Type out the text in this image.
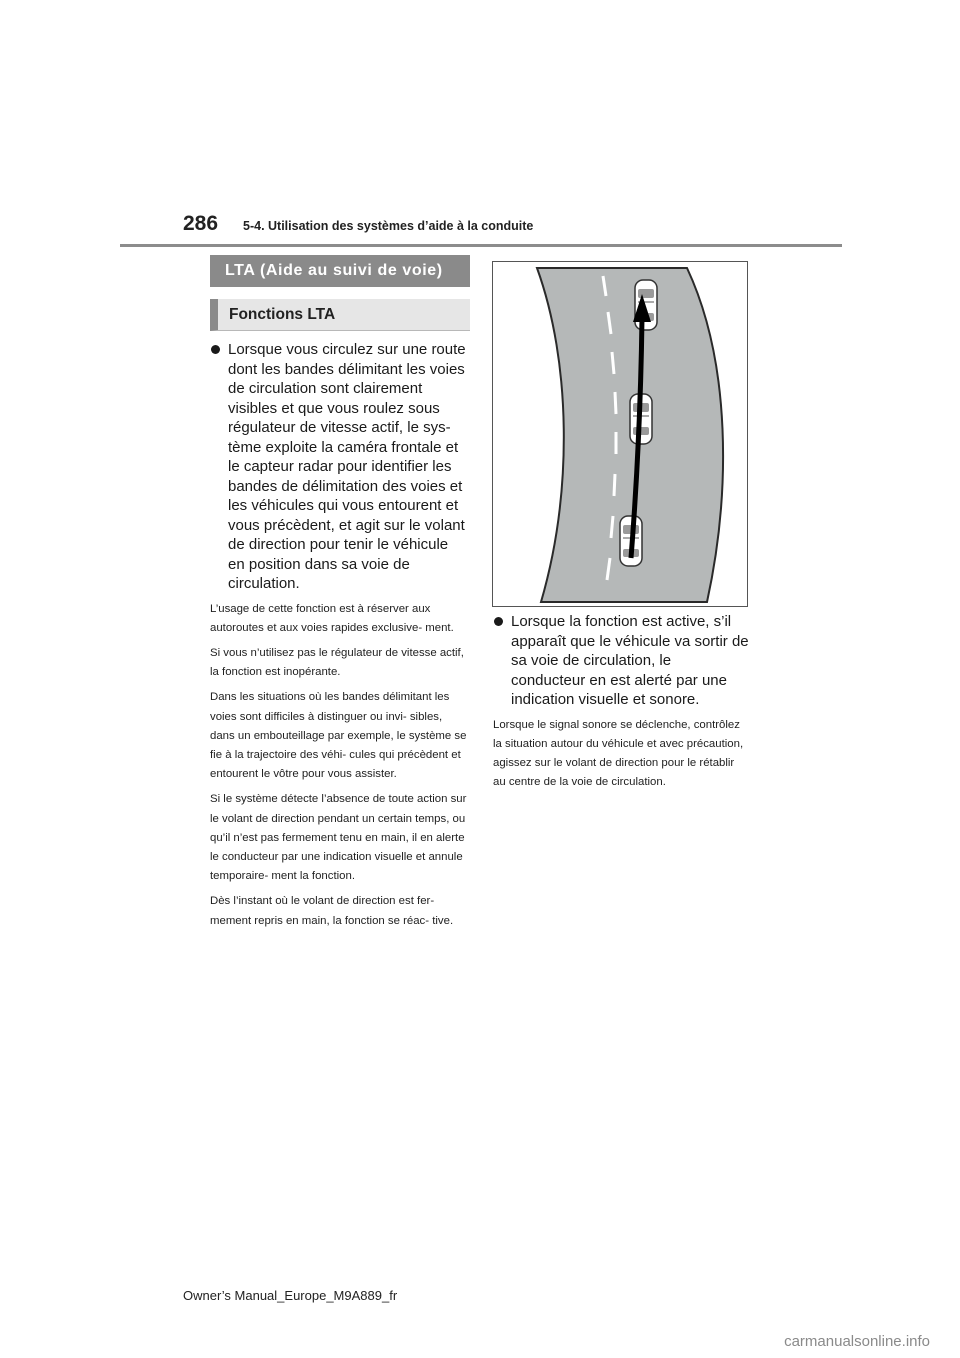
286 5-4. Utilisation des systèmes d’aide à la conduite
LTA (Aide au suivi de voie)
Fonctions LTA
Lorsque vous circulez sur une route dont les bandes délimitant les voies de circulation sont clairement visibles et que vous roulez sous régulateur de vitesse actif, le sys- tème exploite la caméra frontale et le capteur radar pour identifier les bandes de délimitation des voies et les véhicules qui vous entourent et vous précèdent, et agit sur le volant de direction pour tenir le véhicule en position dans sa voie de circulation.
L’usage de cette fonction est à réserver aux autoroutes et aux voies rapides exclusive- ment.
Si vous n’utilisez pas le régulateur de vitesse actif, la fonction est inopérante.
Dans les situations où les bandes délimitant les voies sont difficiles à distinguer ou invi- sibles, dans un embouteillage par exemple, le système se fie à la trajectoire des véhi- cules qui précèdent et entourent le vôtre pour vous assister.
Si le système détecte l’absence de toute action sur le volant de direction pendant un certain temps, ou qu’il n’est pas fermement tenu en main, il en alerte le conducteur par une indication visuelle et annule temporaire- ment la fonction.
Dès l’instant où le volant de direction est fer- mement repris en main, la fonction se réac- tive.
Lorsque la fonction est active, s’il apparaît que le véhicule va sortir de sa voie de circulation, le conducteur en est alerté par une indication visuelle et sonore.
Lorsque le signal sonore se déclenche, contrôlez la situation autour du véhicule et avec précaution, agissez sur le volant de direction pour le rétablir au centre de la voie de circulation.
Owner’s Manual_Europe_M9A889_fr
carmanualsonline.info
